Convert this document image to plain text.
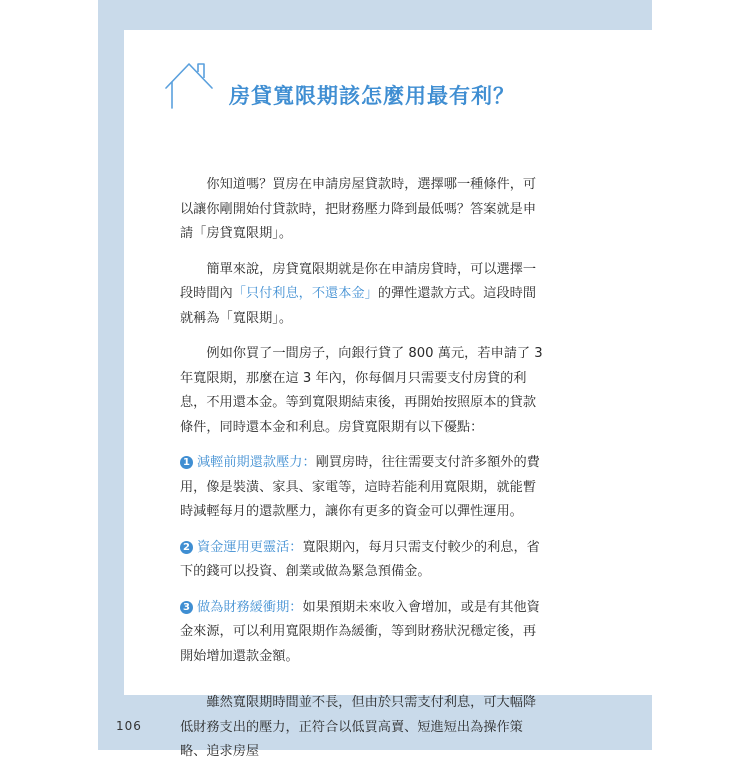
房貸寬限期該怎麼用最有利？

你知道嗎？買房在申請房屋貸款時，選擇哪一種條件，可以讓你剛開始付貸款時，把財務壓力降到最低嗎？答案就是申請「房貸寬限期」。

簡單來說，房貸寬限期就是你在申請房貸時，可以選擇一段時間內「只付利息，不還本金」的彈性還款方式。這段時間就稱為「寬限期」。

例如你買了一間房子，向銀行貸了 800 萬元，若申請了 3 年寬限期，那麼在這 3 年內，你每個月只需要支付房貸的利息，不用還本金。等到寬限期結束後，再開始按照原本的貸款條件，同時還本金和利息。房貸寬限期有以下優點：

1 減輕前期還款壓力：剛買房時，往往需要支付許多額外的費用，像是裝潢、家具、家電等，這時若能利用寬限期，就能暫時減輕每月的還款壓力，讓你有更多的資金可以彈性運用。

2 資金運用更靈活：寬限期內，每月只需支付較少的利息，省下的錢可以投資、創業或做為緊急預備金。

3 做為財務緩衝期：如果預期未來收入會增加，或是有其他資金來源，可以利用寬限期作為緩衝，等到財務狀況穩定後，再開始增加還款金額。

雖然寬限期時間並不長，但由於只需支付利息，可大幅降低財務支出的壓力，正符合以低買高賣、短進短出為操作策略、追求房屋

106
